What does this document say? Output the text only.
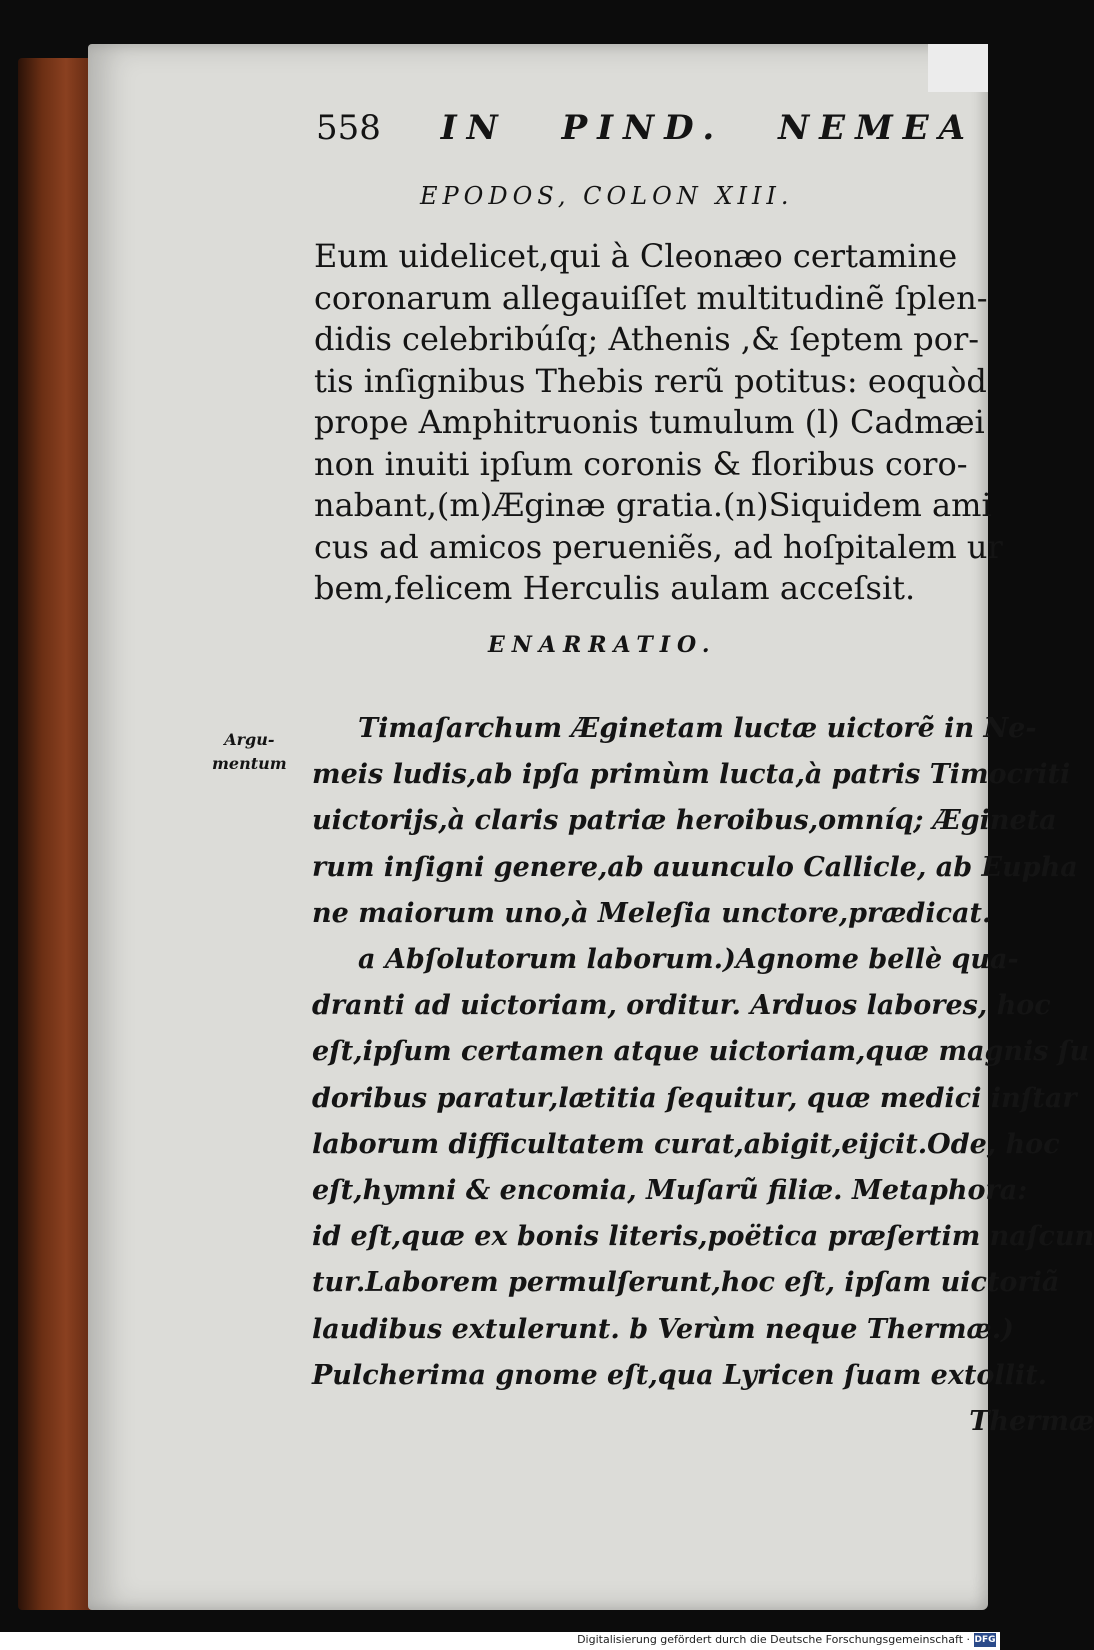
558 IN PIND. NEMEA
EPODOS, COLON XIII.
Eum uidelicet,qui à Cleonæo certamine
coronarum allegauiſſet multitudinẽ ſplen-
didis celebribúſq; Athenis ,& ſeptem por-
tis inſignibus Thebis rerũ potitus: eoquòd
prope Amphitruonis tumulum (l) Cadmæi
non inuiti ipſum coronis & floribus coro-
nabant,(m)Æginæ gratia.(n)Siquidem ami
cus ad amicos perueniẽs, ad hoſpitalem ur
bem,felicem Herculis aulam acceſsit.
ENARRATIO.
Argu-
mentum
Timaſarchum Æginetam luctæ uictorẽ in Ne-
meis ludis,ab ipſa primùm lucta,à patris Timocriti
uictorijs,à claris patriæ heroibus,omníq; Ægineta
rum inſigni genere,ab auunculo Callicle, ab Eupha
ne maiorum uno,à Meleſia unctore,prædicat.
a Abſolutorum laborum.)Agnome bellè qua-
dranti ad uictoriam, orditur. Arduos labores, hoc
eſt,ipſum certamen atque uictoriam,quæ magnis ſu
doribus paratur,lætitia ſequitur, quæ medici inſtar
laborum difficultatem curat,abigit,eijcit.Ode, hoc
eſt,hymni & encomia, Muſarũ filiæ. Metaphora:
id eſt,quæ ex bonis literis,poëtica præſertim naſcun
tur.Laborem permulſerunt,hoc eſt, ipſam uictoriã
laudibus extulerunt. b Verùm neque Thermæ.)
Pulcherima gnome eſt,qua Lyricen ſuam extollit.
Thermæ
Digitalisierung gefördert durch die Deutsche Forschungsgemeinschaft · DFG
